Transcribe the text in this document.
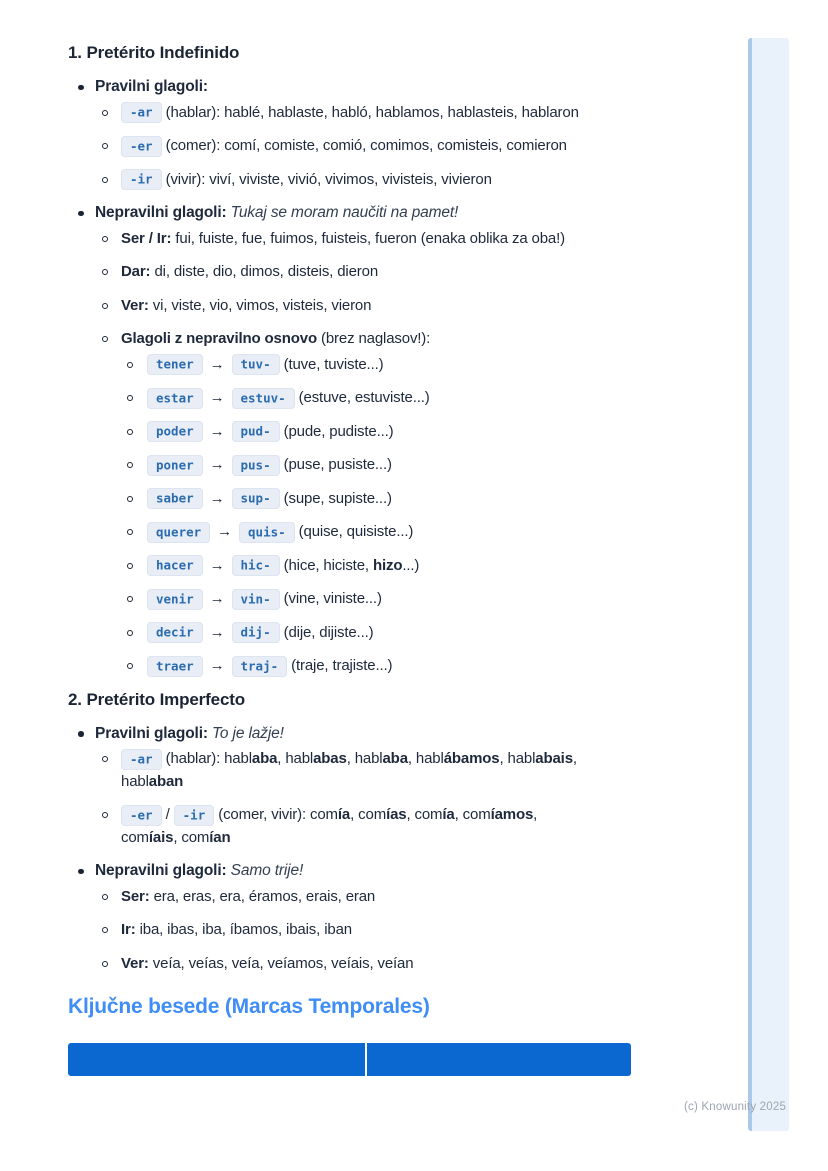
1. Pretérito Indefinido
Pravilni glagoli:
-ar (hablar): hablé, hablaste, habló, hablamos, hablasteis, hablaron
-er (comer): comí, comiste, comió, comimos, comisteis, comieron
-ir (vivir): viví, viviste, vivió, vivimos, vivisteis, vivieron
Nepravilni glagoli: Tukaj se moram naučiti na pamet!
Ser / Ir: fui, fuiste, fue, fuimos, fuisteis, fueron (enaka oblika za oba!)
Dar: di, diste, dio, dimos, disteis, dieron
Ver: vi, viste, vio, vimos, visteis, vieron
Glagoli z nepravilno osnovo (brez naglasov!):
tener → tuv- (tuve, tuviste...)
estar → estuv- (estuve, estuviste...)
poder → pud- (pude, pudiste...)
poner → pus- (puse, pusiste...)
saber → sup- (supe, supiste...)
querer → quis- (quise, quisiste...)
hacer → hic- (hice, hiciste, hizo...)
venir → vin- (vine, viniste...)
decir → dij- (dije, dijiste...)
traer → traj- (traje, trajiste...)
2. Pretérito Imperfecto
Pravilni glagoli: To je lažje!
-ar (hablar): hablaba, hablabas, hablaba, hablábamos, hablabais,
hablaban
-er / -ir (comer, vivir): comía, comías, comía, comíamos,
comíais, comían
Nepravilni glagoli: Samo trije!
Ser: era, eras, era, éramos, erais, eran
Ir: iba, ibas, iba, íbamos, ibais, iban
Ver: veía, veías, veía, veíamos, veíais, veían
Ključne besede (Marcas Temporales)
(c) Knowunity 2025
